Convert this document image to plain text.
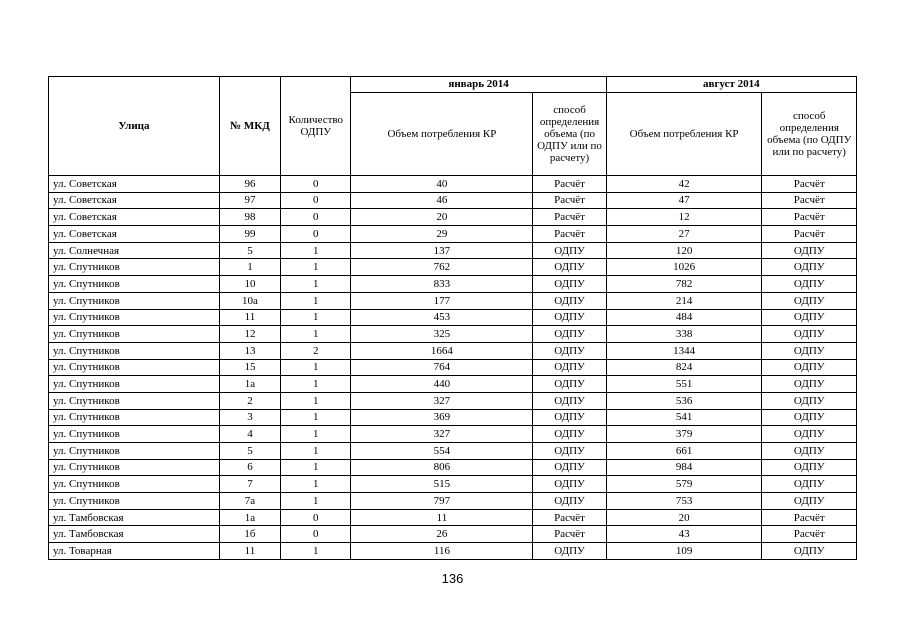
Улица	№ МКД	Количество ОДПУ	январь 2014		август 2014	
			Объем потребления КР	способ определения объема (по ОДПУ или по расчету)	Объем потребления КР	способ определения объема (по ОДПУ или по расчету)
ул. Советская	96	0	40	Расчёт	42	Расчёт
ул. Советская	97	0	46	Расчёт	47	Расчёт
ул. Советская	98	0	20	Расчёт	12	Расчёт
ул. Советская	99	0	29	Расчёт	27	Расчёт
ул. Солнечная	5	1	137	ОДПУ	120	ОДПУ
ул. Спутников	1	1	762	ОДПУ	1026	ОДПУ
ул. Спутников	10	1	833	ОДПУ	782	ОДПУ
ул. Спутников	10а	1	177	ОДПУ	214	ОДПУ
ул. Спутников	11	1	453	ОДПУ	484	ОДПУ
ул. Спутников	12	1	325	ОДПУ	338	ОДПУ
ул. Спутников	13	2	1664	ОДПУ	1344	ОДПУ
ул. Спутников	15	1	764	ОДПУ	824	ОДПУ
ул. Спутников	1а	1	440	ОДПУ	551	ОДПУ
ул. Спутников	2	1	327	ОДПУ	536	ОДПУ
ул. Спутников	3	1	369	ОДПУ	541	ОДПУ
ул. Спутников	4	1	327	ОДПУ	379	ОДПУ
ул. Спутников	5	1	554	ОДПУ	661	ОДПУ
ул. Спутников	6	1	806	ОДПУ	984	ОДПУ
ул. Спутников	7	1	515	ОДПУ	579	ОДПУ
ул. Спутников	7а	1	797	ОДПУ	753	ОДПУ
ул. Тамбовская	1а	0	11	Расчёт	20	Расчёт
ул. Тамбовская	1б	0	26	Расчёт	43	Расчёт
ул. Товарная	11	1	116	ОДПУ	109	ОДПУ
136
